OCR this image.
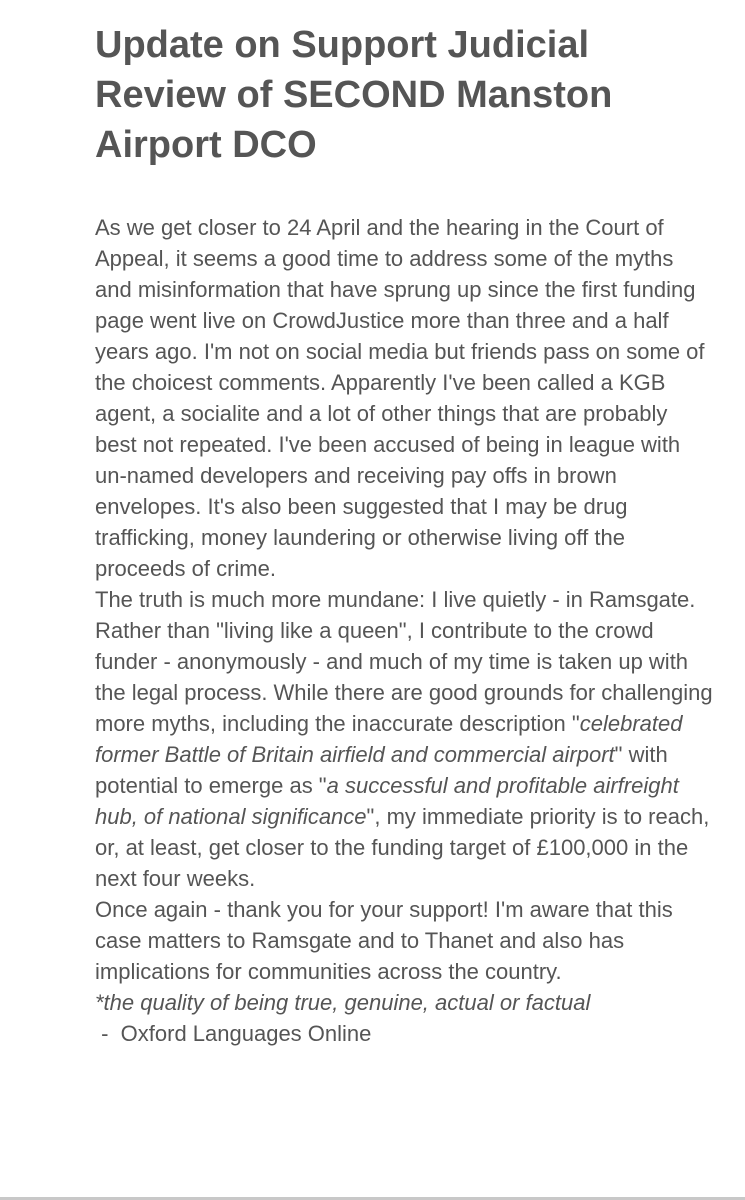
Update on Support Judicial Review of SECOND Manston Airport DCO

As we get closer to 24 April and the hearing in the Court of Appeal, it seems a good time to address some of the myths and misinformation that have sprung up since the first funding page went live on CrowdJustice more than three and a half years ago. I'm not on social media but friends pass on some of the choicest comments. Apparently I've been called a KGB agent, a socialite and a lot of other things that are probably best not repeated. I've been accused of being in league with un-named developers and receiving pay offs in brown envelopes. It's also been suggested that I may be drug trafficking, money laundering or otherwise living off the proceeds of crime.

The truth is much more mundane: I live quietly - in Ramsgate. Rather than "living like a queen", I contribute to the crowd funder - anonymously - and much of my time is taken up with the legal process. While there are good grounds for challenging more myths, including the inaccurate description "celebrated former Battle of Britain airfield and commercial airport" with potential to emerge as "a successful and profitable airfreight hub, of national significance", my immediate priority is to reach, or, at least, get closer to the funding target of £100,000 in the next four weeks.

Once again - thank you for your support! I'm aware that this case matters to Ramsgate and to Thanet and also has implications for communities across the country.

*the quality of being true, genuine, actual or factual

-  Oxford Languages Online
